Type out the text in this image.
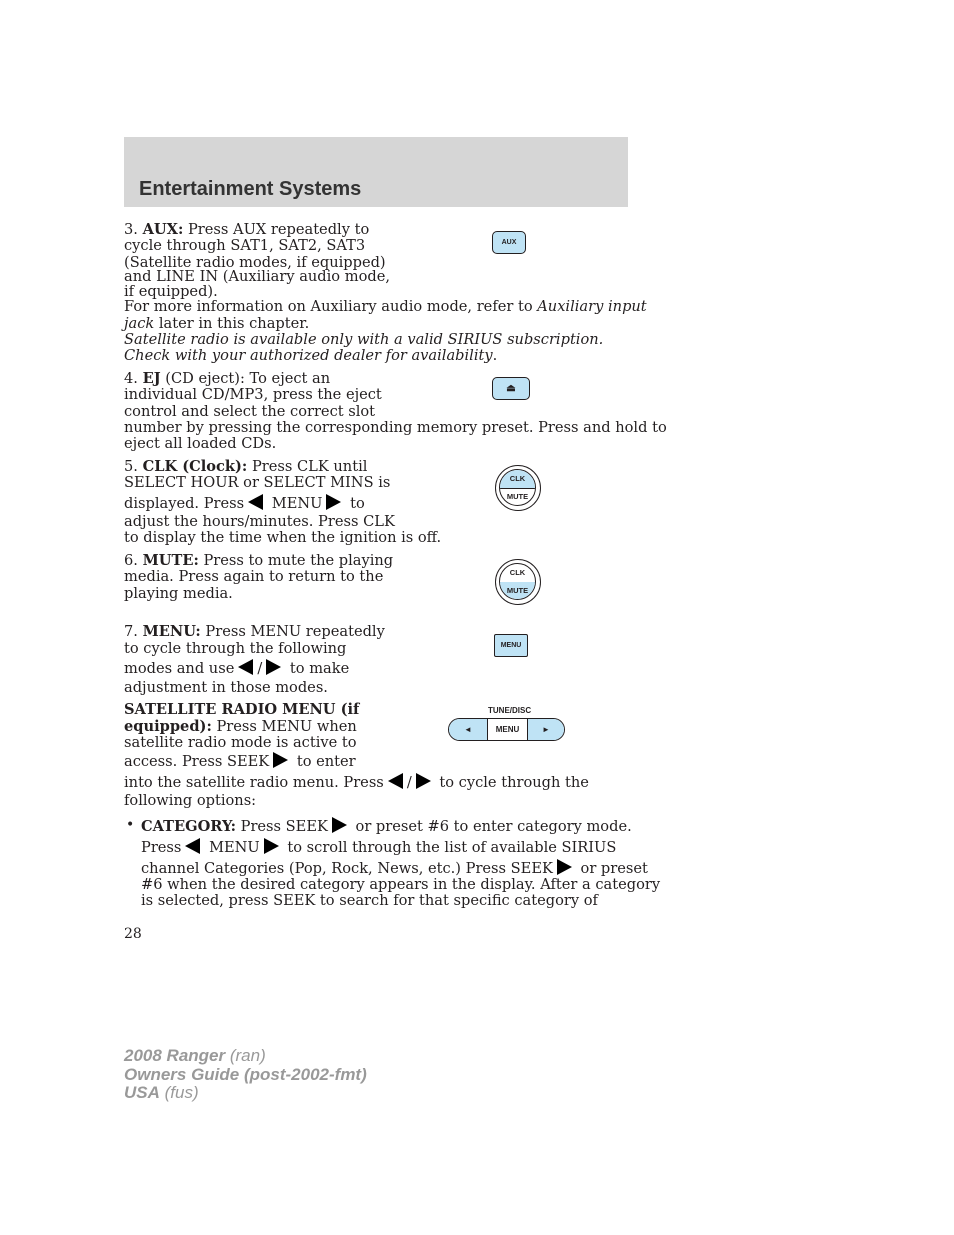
Entertainment Systems
3. AUX: Press AUX repeatedly to
cycle through SAT1, SAT2, SAT3
(Satellite radio modes, if equipped)
and LINE IN (Auxiliary audio mode,
if equipped).
For more information on Auxiliary audio mode, refer to Auxiliary input
jack later in this chapter.
Satellite radio is available only with a valid SIRIUS subscription.
Check with your authorized dealer for availability.
AUX
4. EJ (CD eject): To eject an
individual CD/MP3, press the eject
control and select the correct slot
number by pressing the corresponding memory preset. Press and hold to
eject all loaded CDs.
⏏
5. CLK (Clock): Press CLK until
SELECT HOUR or SELECT MINS is
displayed. Press MENU to
adjust the hours/minutes. Press CLK
to display the time when the ignition is off.
CLK
MUTE
6. MUTE: Press to mute the playing
media. Press again to return to the
playing media.
CLK
MUTE
7. MENU: Press MENU repeatedly
to cycle through the following
modes and use / to make
adjustment in those modes.
MENU
SATELLITE RADIO MENU (if
equipped): Press MENU when
satellite radio mode is active to
access. Press SEEK to enter
into the satellite radio menu. Press / to cycle through the
following options:
TUNE/DISC
◄	MENU	►
• CATEGORY: Press SEEK or preset #6 to enter category mode.
Press MENU to scroll through the list of available SIRIUS
channel Categories (Pop, Rock, News, etc.) Press SEEK or preset
#6 when the desired category appears in the display. After a category
is selected, press SEEK to search for that specific category of
28
2008 Ranger (ran)
Owners Guide (post-2002-fmt)
USA (fus)
